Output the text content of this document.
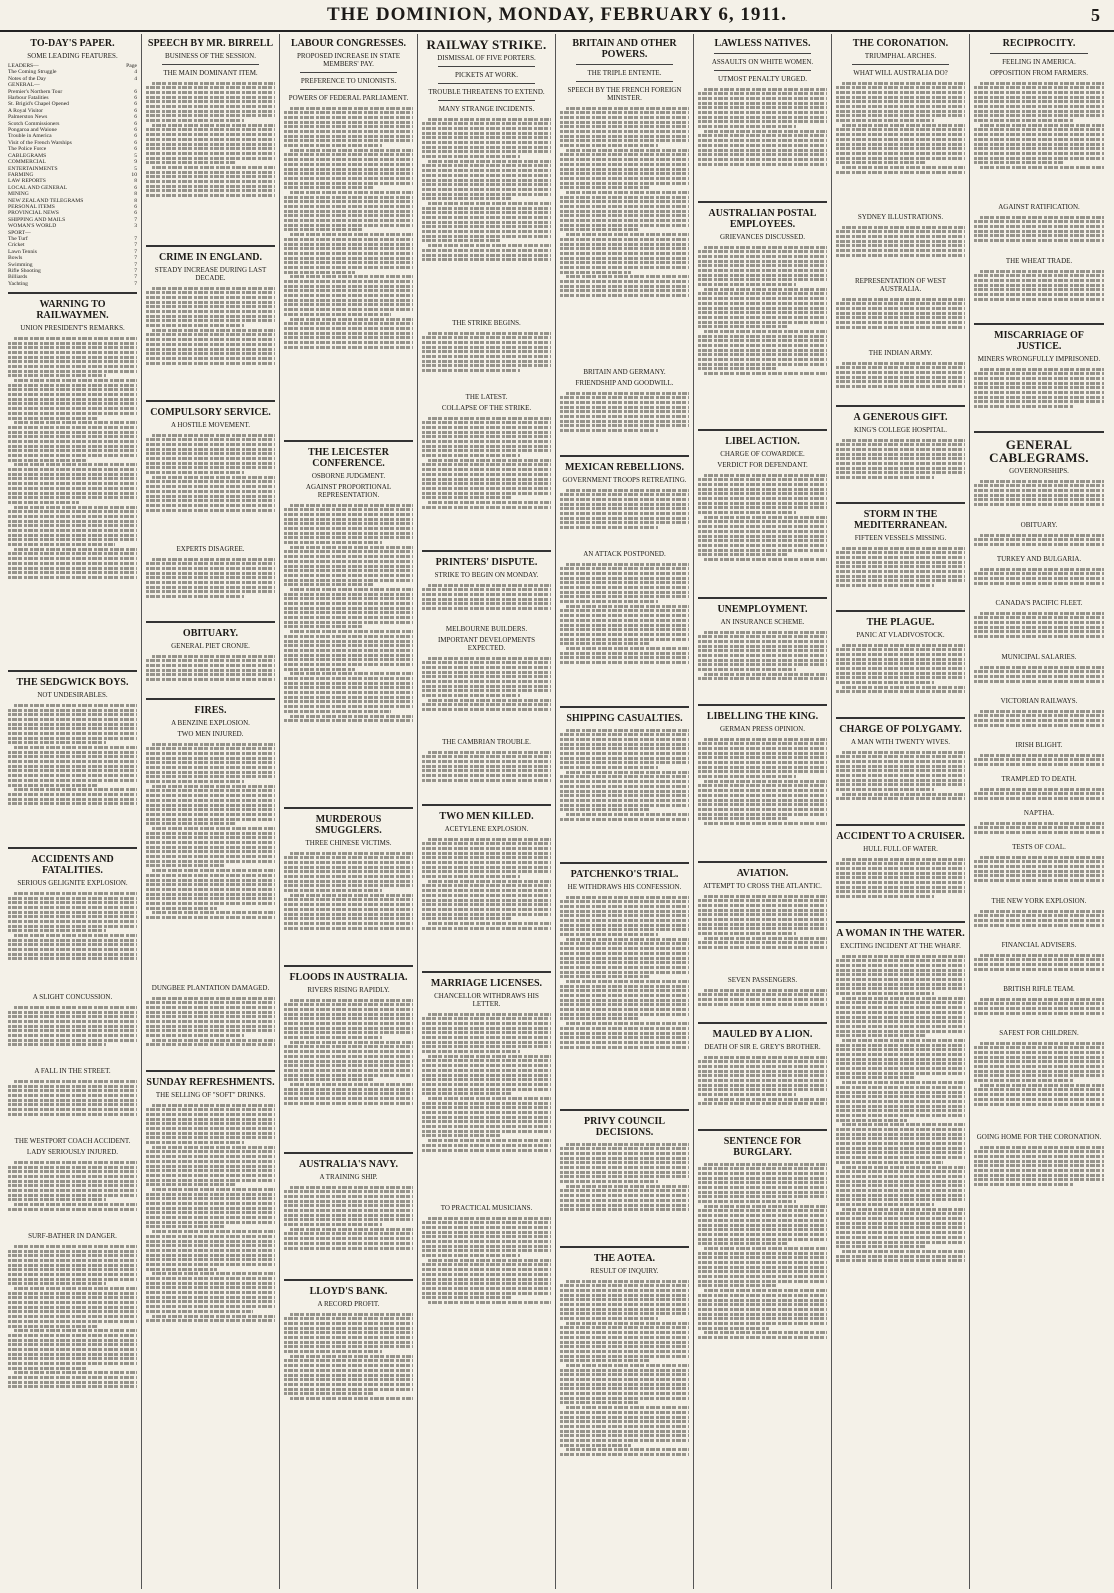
THE DOMINION, MONDAY, FEBRUARY 6, 1911.	5
TO-DAY'S PAPER.
SOME LEADING FEATURES.
LEADERS—	Page
The Coming Struggle	4
Notes of the Day	4
GENERAL—
Premier's Northern Tour	6
Harbour Fatalities	6
St. Brigid's Chapel Opened	6
A Royal Visitor	6
Palmerston News	6
Scotch Commissioners	6
Pongaroa and Waione	6
Trouble in America	6
Visit of the French Warships	6
The Police Force	6
CABLEGRAMS	5
COMMERCIAL	9
ENTERTAINMENTS	5
FARMING	10
LAW REPORTS	8
LOCAL AND GENERAL	6
MINING	8
NEW ZEALAND TELEGRAMS	8
PERSONAL ITEMS	6
PROVINCIAL NEWS	6
SHIPPING AND MAILS	7
WOMAN'S WORLD	3
SPORT—
The Turf	7
Cricket	7
Lawn Tennis	7
Bowls	7
Swimming	7
Rifle Shooting	7
Billiards	7
Yachting	7
WARNING TO RAILWAYMEN.
UNION PRESIDENT'S REMARKS.
THE SEDGWICK BOYS.
NOT UNDESIRABLES.
ACCIDENTS AND FATALITIES.
SERIOUS GELIGNITE EXPLOSION.
A SLIGHT CONCUSSION.
A FALL IN THE STREET.
THE WESTPORT COACH ACCIDENT.
LADY SERIOUSLY INJURED.
SURF-BATHER IN DANGER.
SPEECH BY MR. BIRRELL
BUSINESS OF THE SESSION.
THE MAIN DOMINANT ITEM.
CRIME IN ENGLAND.
STEADY INCREASE DURING LAST DECADE.
COMPULSORY SERVICE.
A HOSTILE MOVEMENT.
EXPERTS DISAGREE.
OBITUARY.
GENERAL PIET CRONJE.
FIRES.
A BENZINE EXPLOSION.
TWO MEN INJURED.
DUNGBEE PLANTATION DAMAGED.
SUNDAY REFRESHMENTS.
THE SELLING OF "SOFT" DRINKS.
LABOUR CONGRESSES.
PROPOSED INCREASE IN STATE MEMBERS' PAY.
PREFERENCE TO UNIONISTS.
POWERS OF FEDERAL PARLIAMENT.
THE LEICESTER CONFERENCE.
OSBORNE JUDGMENT.
AGAINST PROPORTIONAL REPRESENTATION.
MURDEROUS SMUGGLERS.
THREE CHINESE VICTIMS.
FLOODS IN AUSTRALIA.
RIVERS RISING RAPIDLY.
AUSTRALIA'S NAVY.
A TRAINING SHIP.
LLOYD'S BANK.
A RECORD PROFIT.
RAILWAY STRIKE.
DISMISSAL OF FIVE PORTERS.
PICKETS AT WORK.
TROUBLE THREATENS TO EXTEND.
MANY STRANGE INCIDENTS.
THE STRIKE BEGINS.
THE LATEST.
COLLAPSE OF THE STRIKE.
PRINTERS' DISPUTE.
STRIKE TO BEGIN ON MONDAY.
MELBOURNE BUILDERS.
IMPORTANT DEVELOPMENTS EXPECTED.
THE CAMBRIAN TROUBLE.
TWO MEN KILLED.
ACETYLENE EXPLOSION.
MARRIAGE LICENSES.
CHANCELLOR WITHDRAWS HIS LETTER.
TO PRACTICAL MUSICIANS.
BRITAIN AND OTHER POWERS.
THE TRIPLE ENTENTE.
SPEECH BY THE FRENCH FOREIGN MINISTER.
BRITAIN AND GERMANY.
FRIENDSHIP AND GOODWILL.
MEXICAN REBELLIONS.
GOVERNMENT TROOPS RETREATING.
AN ATTACK POSTPONED.
SHIPPING CASUALTIES.
PATCHENKO'S TRIAL.
HE WITHDRAWS HIS CONFESSION.
PRIVY COUNCIL DECISIONS.
THE AOTEA.
RESULT OF INQUIRY.
LAWLESS NATIVES.
ASSAULTS ON WHITE WOMEN.
UTMOST PENALTY URGED.
AUSTRALIAN POSTAL EMPLOYEES.
GRIEVANCES DISCUSSED.
LIBEL ACTION.
CHARGE OF COWARDICE.
VERDICT FOR DEFENDANT.
UNEMPLOYMENT.
AN INSURANCE SCHEME.
LIBELLING THE KING.
GERMAN PRESS OPINION.
AVIATION.
ATTEMPT TO CROSS THE ATLANTIC.
SEVEN PASSENGERS.
MAULED BY A LION.
DEATH OF SIR E. GREY'S BROTHER.
SENTENCE FOR BURGLARY.
THE CORONATION.
TRIUMPHAL ARCHES.
WHAT WILL AUSTRALIA DO?
SYDNEY ILLUSTRATIONS.
REPRESENTATION OF WEST AUSTRALIA.
THE INDIAN ARMY.
A GENEROUS GIFT.
KING'S COLLEGE HOSPITAL.
STORM IN THE MEDITERRANEAN.
FIFTEEN VESSELS MISSING.
THE PLAGUE.
PANIC AT VLADIVOSTOCK.
CHARGE OF POLYGAMY.
A MAN WITH TWENTY WIVES.
ACCIDENT TO A CRUISER.
HULL FULL OF WATER.
A WOMAN IN THE WATER.
EXCITING INCIDENT AT THE WHARF.
RECIPROCITY.
FEELING IN AMERICA.
OPPOSITION FROM FARMERS.
AGAINST RATIFICATION.
THE WHEAT TRADE.
MISCARRIAGE OF JUSTICE.
MINERS WRONGFULLY IMPRISONED.
GENERAL CABLEGRAMS.
GOVERNORSHIPS.
OBITUARY.
TURKEY AND BULGARIA.
CANADA'S PACIFIC FLEET.
MUNICIPAL SALARIES.
VICTORIAN RAILWAYS.
IRISH BLIGHT.
TRAMPLED TO DEATH.
NAPTHA.
TESTS OF COAL.
THE NEW YORK EXPLOSION.
FINANCIAL ADVISERS.
BRITISH RIFLE TEAM.
SAFEST FOR CHILDREN.
GOING HOME FOR THE CORONATION.
